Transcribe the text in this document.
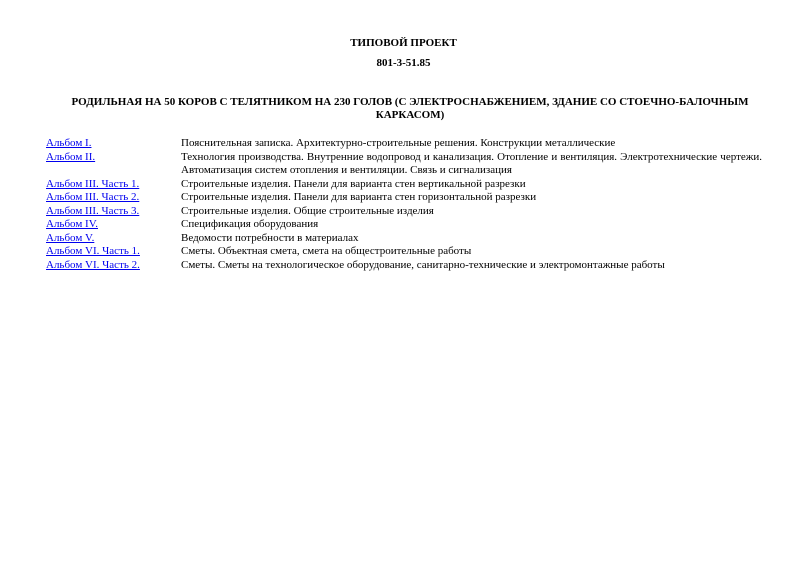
ТИПОВОЙ ПРОЕКТ
801-3-51.85
РОДИЛЬНАЯ НА 50 КОРОВ С ТЕЛЯТНИКОМ НА 230 ГОЛОВ (С ЭЛЕКТРОСНАБЖЕНИЕМ, ЗДАНИЕ СО СТОЕЧНО-БАЛОЧНЫМ КАРКАСОМ)
Альбом I.	Пояснительная записка. Архитектурно-строительные решения. Конструкции металлические
Альбом II.	Технология производства. Внутренние водопровод и канализация. Отопление и вентиляция. Электротехнические чертежи. Автоматизация систем отопления и вентиляции. Связь и сигнализация
Альбом III. Часть 1.	Строительные изделия. Панели для варианта стен вертикальной разрезки
Альбом III. Часть 2.	Строительные изделия. Панели для варианта стен горизонтальной разрезки
Альбом III. Часть 3.	Строительные изделия. Общие строительные изделия
Альбом IV.	Спецификация оборудования
Альбом V.	Ведомости потребности в материалах
Альбом VI. Часть 1.	Сметы. Объектная смета, смета на общестроительные работы
Альбом VI. Часть 2.	Сметы. Сметы на технологическое оборудование, санитарно-технические и электромонтажные работы
